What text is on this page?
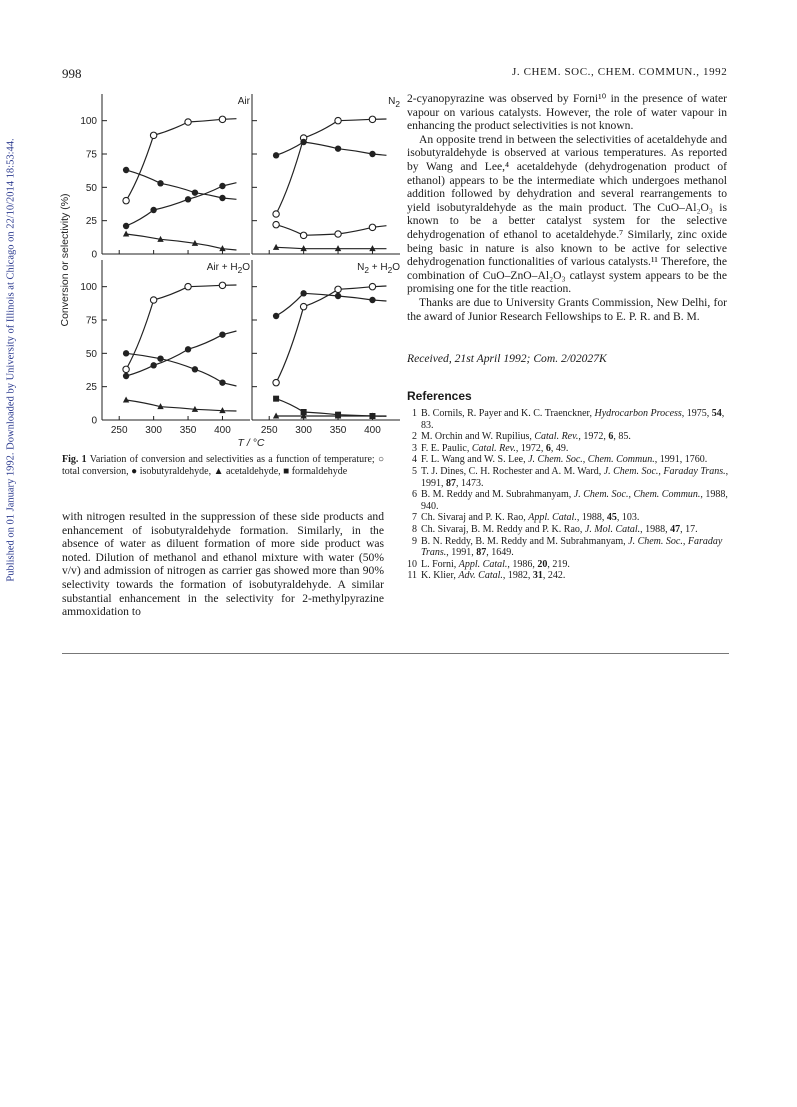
Published on 01 January 1992. Downloaded by University of Illinois at Chicago on 22/10/2014 18:53:44.
998	J. CHEM. SOC., CHEM. COMMUN., 1992
0
25
50
75
100
Air	$N_2$
0
25
50
75
100
250 300 350 400
Air + $H_2O$
250 300 350 400
$N_2 + H_2O$
Conversion or selectivity (%)
T / °C
Fig. 1 Variation of conversion and selectivities as a function of temperature; ○ total conversion, ● isobutyraldehyde, ▲ acetaldehyde, ■ formaldehyde

with nitrogen resulted in the suppression of these side products and enhancement of isobutyraldehyde formation. Similarly, in the absence of water as diluent formation of more side product was noted. Dilution of methanol and ethanol mixture with water (50% v/v) and admission of nitrogen as carrier gas showed more than 90% selectivity towards the formation of isobutyraldehyde. A similar substantial enhancement in the selectivity for 2-methylpyrazine ammoxidation to

2-cyanopyrazine was observed by Forni¹⁰ in the presence of water vapour on various catalysts. However, the role of water vapour in enhancing the product selectivities is not known.

An opposite trend in between the selectivities of acetaldehyde and isobutyraldehyde is observed at various temperatures. As reported by Wang and Lee,⁴ acetaldehyde (dehydrogenation product of ethanol) appears to be the intermediate which undergoes methanol addition followed by dehydration and several rearrangements to yield isobutyraldehyde as the main product. The CuO–Al₂O₃ is known to be a better catalyst system for the selective dehydrogenation of ethanol to acetaldehyde.⁷ Similarly, zinc oxide being basic in nature is also known to be active for selective dehydrogenation functionalities of various catalysts.¹¹ Therefore, the combination of CuO–ZnO–Al₂O₃ catlayst system appears to be the promising one for the title reaction.

Thanks are due to University Grants Commission, New Delhi, for the award of Junior Research Fellowships to E. P. R. and B. M.

Received, 21st April 1992; Com. 2/02027K
References
1 B. Cornils, R. Payer and K. C. Traenckner, Hydrocarbon Process, 1975, 54, 83.
2 M. Orchin and W. Rupilius, Catal. Rev., 1972, 6, 85.
3 F. E. Paulic, Catal. Rev., 1972, 6, 49.
4 F. L. Wang and W. S. Lee, J. Chem. Soc., Chem. Commun., 1991, 1760.
5 T. J. Dines, C. H. Rochester and A. M. Ward, J. Chem. Soc., Faraday Trans., 1991, 87, 1473.
6 B. M. Reddy and M. Subrahmanyam, J. Chem. Soc., Chem. Commun., 1988, 940.
7 Ch. Sivaraj and P. K. Rao, Appl. Catal., 1988, 45, 103.
8 Ch. Sivaraj, B. M. Reddy and P. K. Rao, J. Mol. Catal., 1988, 47, 17.
9 B. N. Reddy, B. M. Reddy and M. Subrahmanyam, J. Chem. Soc., Faraday Trans., 1991, 87, 1649.
10 L. Forni, Appl. Catal., 1986, 20, 219.
11 K. Klier, Adv. Catal., 1982, 31, 242.
